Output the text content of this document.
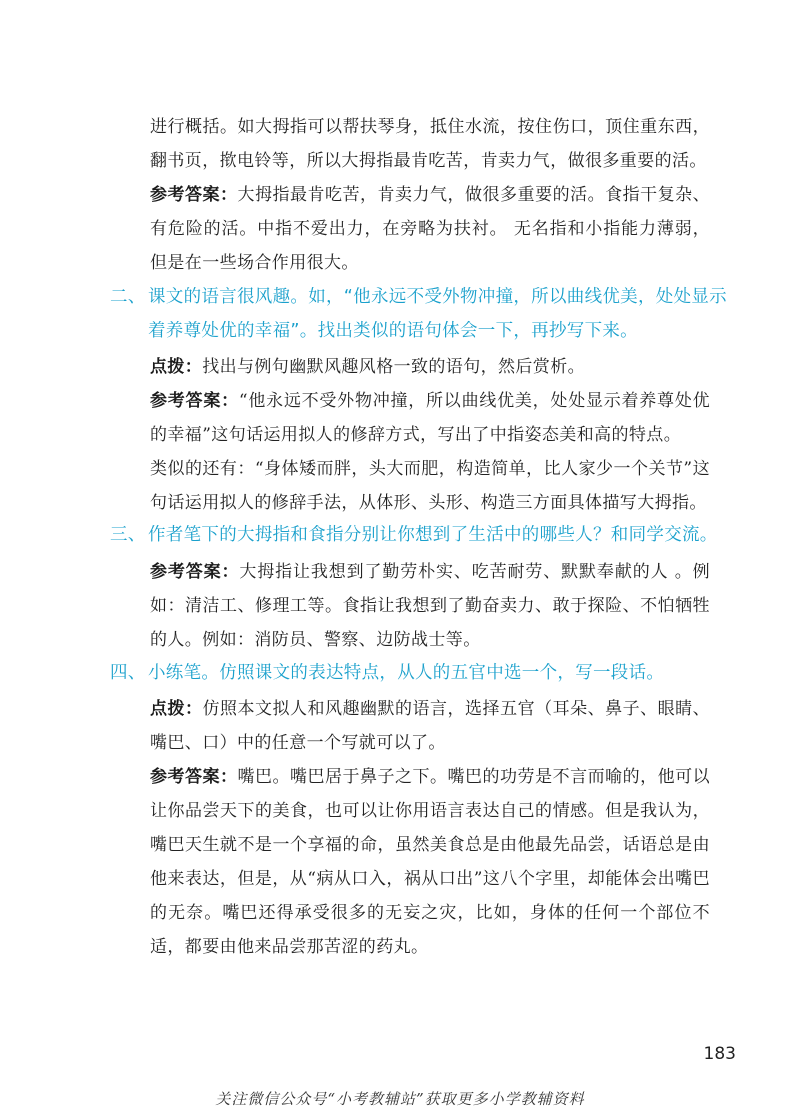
进行概括。如大拇指可以帮扶琴身，抵住水流，按住伤口，顶住重东西，翻书页，揿电铃等，所以大拇指最肯吃苦，肯卖力气，做很多重要的活。
参考答案：大拇指最肯吃苦，肯卖力气，做很多重要的活。食指干复杂、有危险的活。中指不爱出力，在旁略为扶衬。 无名指和小指能力薄弱，但是在一些场合作用很大。
二、 课文的语言很风趣。如，“他永远不受外物冲撞，所以曲线优美，处处显示着养尊处优的幸福”。找出类似的语句体会一下，再抄写下来。
点拨：找出与例句幽默风趣风格一致的语句，然后赏析。
参考答案：“他永远不受外物冲撞，所以曲线优美，处处显示着养尊处优的幸福”这句话运用拟人的修辞方式，写出了中指姿态美和高的特点。
类似的还有：“身体矮而胖，头大而肥，构造简单，比人家少一个关节”这句话运用拟人的修辞手法，从体形、头形、构造三方面具体描写大拇指。
三、 作者笔下的大拇指和食指分别让你想到了生活中的哪些人？和同学交流。
参考答案：大拇指让我想到了勤劳朴实、吃苦耐劳、默默奉献的人 。例如：清洁工、修理工等。食指让我想到了勤奋卖力、敢于探险、不怕牺牲的人。例如：消防员、警察、边防战士等。
四、 小练笔。仿照课文的表达特点，从人的五官中选一个，写一段话。
点拨：仿照本文拟人和风趣幽默的语言，选择五官（耳朵、鼻子、眼睛、嘴巴、口）中的任意一个写就可以了。
参考答案：嘴巴。嘴巴居于鼻子之下。嘴巴的功劳是不言而喻的，他可以让你品尝天下的美食，也可以让你用语言表达自己的情感。但是我认为，嘴巴天生就不是一个享福的命，虽然美食总是由他最先品尝，话语总是由他来表达，但是，从“病从口入，祸从口出”这八个字里，却能体会出嘴巴的无奈。嘴巴还得承受很多的无妄之灾，比如，身体的任何一个部位不适，都要由他来品尝那苦涩的药丸。
183
关注微信公众号“小考教辅站”获取更多小学教辅资料
